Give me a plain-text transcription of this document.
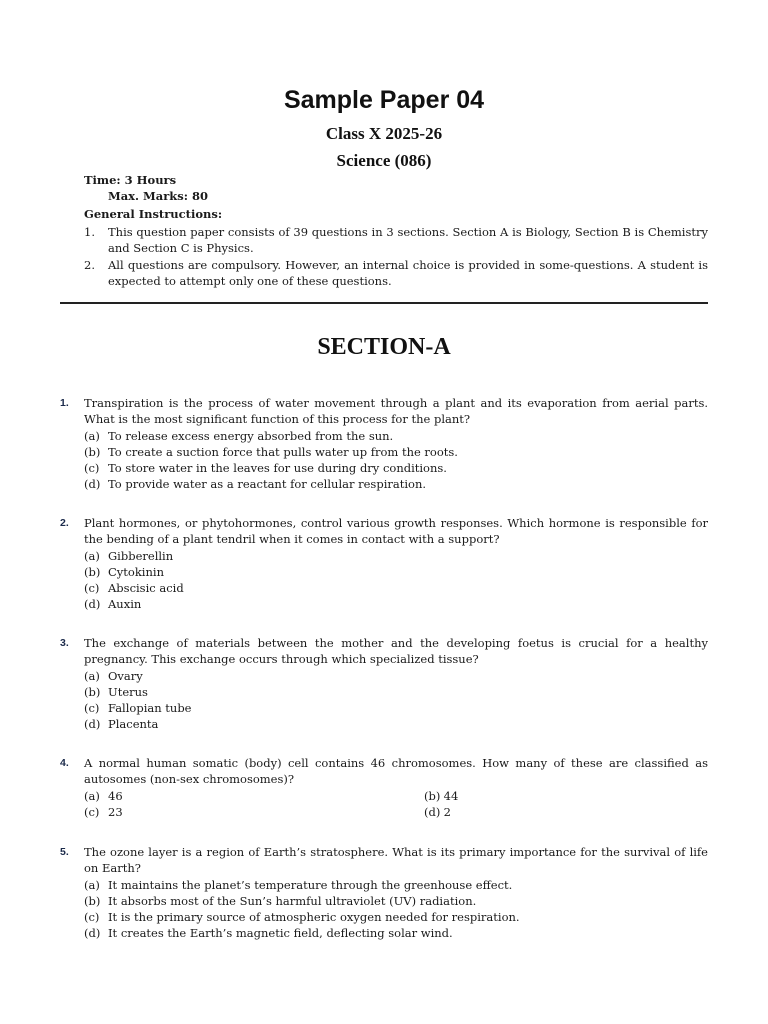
Sample Paper 04
Class X 2025-26
Science (086)
Time: 3 Hours
Max. Marks: 80
General Instructions:
1. This question paper consists of 39 questions in 3 sections. Section A is Biology, Section B is Chemistry and Section C is Physics.
2. All questions are compulsory. However, an internal choice is provided in some-questions. A student is expected to attempt only one of these questions.
SECTION-A
1. Transpiration is the process of water movement through a plant and its evaporation from aerial parts. What is the most significant function of this process for the plant?
(a) To release excess energy absorbed from the sun.
(b) To create a suction force that pulls water up from the roots.
(c) To store water in the leaves for use during dry conditions.
(d) To provide water as a reactant for cellular respiration.
2. Plant hormones, or phytohormones, control various growth responses. Which hormone is responsible for the bending of a plant tendril when it comes in contact with a support?
(a) Gibberellin
(b) Cytokinin
(c) Abscisic acid
(d) Auxin
3. The exchange of materials between the mother and the developing foetus is crucial for a healthy pregnancy. This exchange occurs through which specialized tissue?
(a) Ovary
(b) Uterus
(c) Fallopian tube
(d) Placenta
4. A normal human somatic (body) cell contains 46 chromosomes. How many of these are classified as autosomes (non-sex chromosomes)?
(a) 46	(b) 44
(c) 23	(d) 2
5. The ozone layer is a region of Earth’s stratosphere. What is its primary importance for the survival of life on Earth?
(a) It maintains the planet’s temperature through the greenhouse effect.
(b) It absorbs most of the Sun’s harmful ultraviolet (UV) radiation.
(c) It is the primary source of atmospheric oxygen needed for respiration.
(d) It creates the Earth’s magnetic field, deflecting solar wind.
